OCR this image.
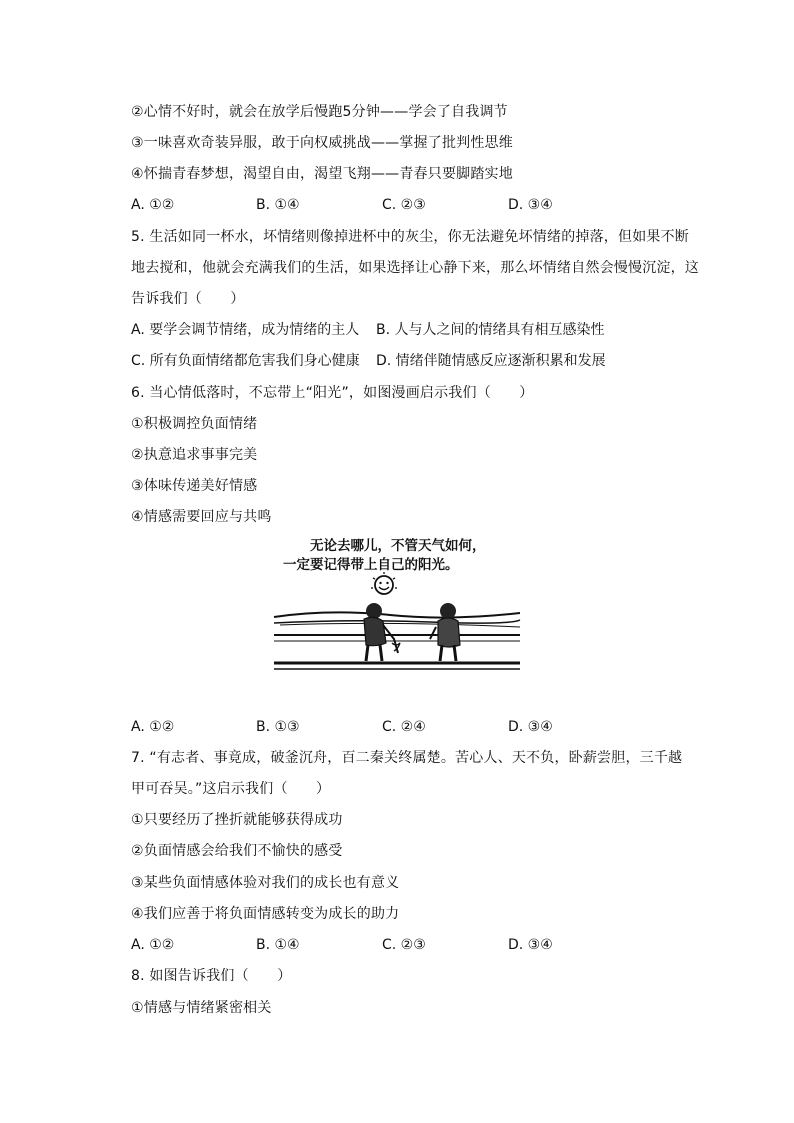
②心情不好时，就会在放学后慢跑5分钟——学会了自我调节
③一味喜欢奇装异服，敢于向权威挑战——掌握了批判性思维
④怀揣青春梦想，渴望自由，渴望飞翔——青春只要脚踏实地
A. ①②	B. ①④	C. ②③	D. ③④
5. 生活如同一杯水，坏情绪则像掉进杯中的灰尘，你无法避免坏情绪的掉落，但如果不断
地去搅和，他就会充满我们的生活，如果选择让心静下来，那么坏情绪自然会慢慢沉淀，这
告诉我们（　　）
A. 要学会调节情绪，成为情绪的主人 B. 人与人之间的情绪具有相互感染性
C. 所有负面情绪都危害我们身心健康 D. 情绪伴随情感反应逐渐积累和发展
6. 当心情低落时，不忘带上“阳光”，如图漫画启示我们（　　）
①积极调控负面情绪
②执意追求事事完美
③体味传递美好情感
④情感需要回应与共鸣
无论去哪儿，不管天气如何，
一定要记得带上自己的阳光。
A. ①②	B. ①③	C. ②④	D. ③④
7. “有志者、事竟成，破釜沉舟，百二秦关终属楚。苦心人、天不负，卧薪尝胆，三千越
甲可吞吴。”这启示我们（　　）
①只要经历了挫折就能够获得成功
②负面情感会给我们不愉快的感受
③某些负面情感体验对我们的成长也有意义
④我们应善于将负面情感转变为成长的助力
A. ①②	B. ①④	C. ②③	D. ③④
8. 如图告诉我们（　　）
①情感与情绪紧密相关
